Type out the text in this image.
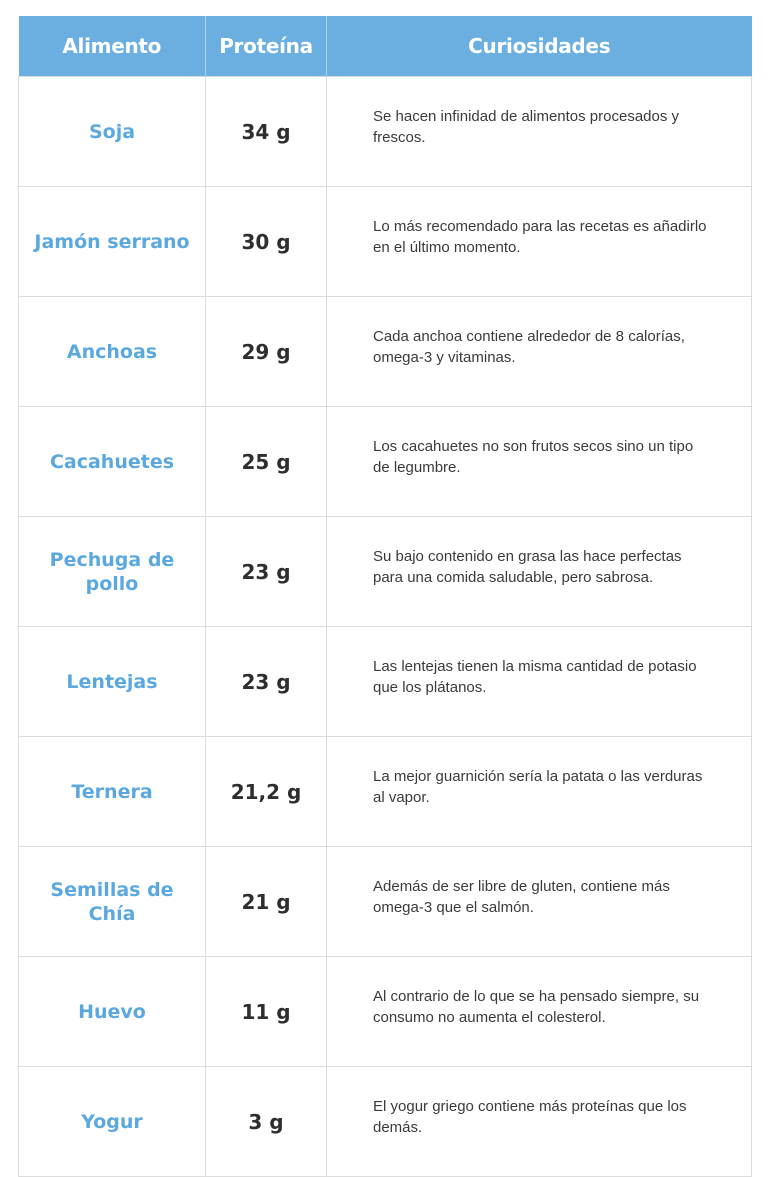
Alimento	Proteína	Curiosidades
Soja	34 g	Se hacen infinidad de alimentos procesados y frescos.
Jamón serrano	30 g	Lo más recomendado para las recetas es añadirlo en el último momento.
Anchoas	29 g	Cada anchoa contiene alrededor de 8 calorías, omega-3 y vitaminas.
Cacahuetes	25 g	Los cacahuetes no son frutos secos sino un tipo de legumbre.
Pechuga de pollo	23 g	Su bajo contenido en grasa las hace perfectas para una comida saludable, pero sabrosa.
Lentejas	23 g	Las lentejas tienen la misma cantidad de potasio que los plátanos.
Ternera	21,2 g	La mejor guarnición sería la patata o las verduras al vapor.
Semillas de Chía	21 g	Además de ser libre de gluten, contiene más omega-3 que el salmón.
Huevo	11 g	Al contrario de lo que se ha pensado siempre, su consumo no aumenta el colesterol.
Yogur	3 g	El yogur griego contiene más proteínas que los demás.
